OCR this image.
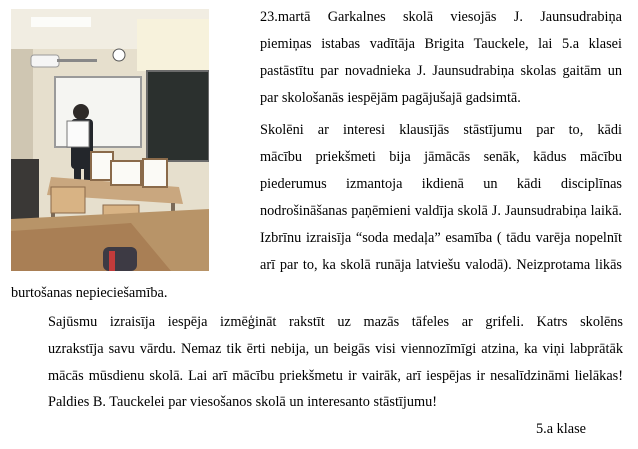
23.martā Garkalnes skolā viesojās J. Jaunsudrabiņa
piemiņas istabas vadītāja Brigita Tauckele, lai 5.a klasei
pastāstītu par novadnieka J. Jaunsudrabiņa skolas gaitām un
par skološanās iespējām pagājušajā gadsimtā.
Skolēni ar interesi klausījās stāstījumu par to, kādi
mācību priekšmeti bija jāmācās senāk, kādus mācību
piederumus izmantoja ikdienā un kādi disciplīnas
nodrošināšanas paņēmieni valdīja skolā J. Jaunsudrabiņa laikā.
Izbrīnu izraisīja “soda medaļa” esamība ( tādu varēja nopelnīt
arī par to, ka skolā runāja latviešu valodā). Neizprotama likās
burtošanas nepieciešamība.
Sajūsmu izraisīja iespēja izmēģināt rakstīt uz mazās tāfeles ar grifeli. Katrs skolēns
uzrakstīja savu vārdu. Nemaz tik ērti nebija, un beigās visi viennozīmīgi atzina, ka viņi labprātāk
mācās mūsdienu skolā. Lai arī mācību priekšmetu ir vairāk, arī iespējas ir nesalīdzināmi lielākas!
Paldies B. Tauckelei par viesošanos skolā un interesanto stāstījumu!
5.a klase
